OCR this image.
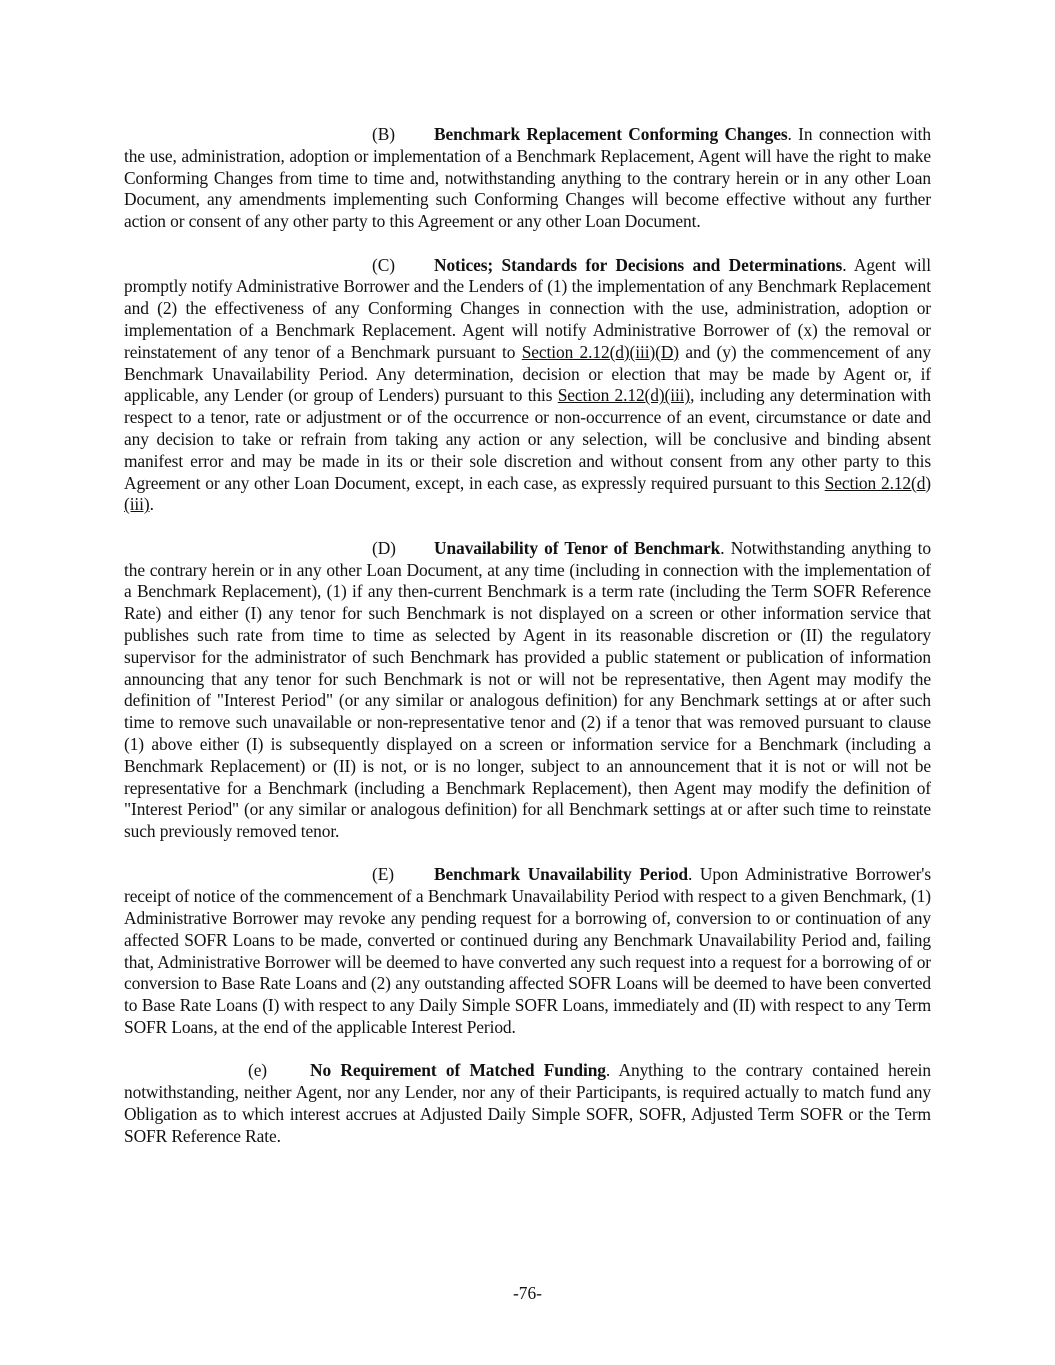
(B) Benchmark Replacement Conforming Changes. In connection with the use, administration, adoption or implementation of a Benchmark Replacement, Agent will have the right to make Conforming Changes from time to time and, notwithstanding anything to the contrary herein or in any other Loan Document, any amendments implementing such Conforming Changes will become effective without any further action or consent of any other party to this Agreement or any other Loan Document.

(C) Notices; Standards for Decisions and Determinations. Agent will promptly notify Administrative Borrower and the Lenders of (1) the implementation of any Benchmark Replacement and (2) the effectiveness of any Conforming Changes in connection with the use, administration, adoption or implementation of a Benchmark Replacement. Agent will notify Administrative Borrower of (x) the removal or reinstatement of any tenor of a Benchmark pursuant to Section 2.12(d)(iii)(D) and (y) the commencement of any Benchmark Unavailability Period. Any determination, decision or election that may be made by Agent or, if applicable, any Lender (or group of Lenders) pursuant to this Section 2.12(d)(iii), including any determination with respect to a tenor, rate or adjustment or of the occurrence or non-occurrence of an event, circumstance or date and any decision to take or refrain from taking any action or any selection, will be conclusive and binding absent manifest error and may be made in its or their sole discretion and without consent from any other party to this Agreement or any other Loan Document, except, in each case, as expressly required pursuant to this Section 2.12(d)(iii).

(D) Unavailability of Tenor of Benchmark. Notwithstanding anything to the contrary herein or in any other Loan Document, at any time (including in connection with the implementation of a Benchmark Replacement), (1) if any then-current Benchmark is a term rate (including the Term SOFR Reference Rate) and either (I) any tenor for such Benchmark is not displayed on a screen or other information service that publishes such rate from time to time as selected by Agent in its reasonable discretion or (II) the regulatory supervisor for the administrator of such Benchmark has provided a public statement or publication of information announcing that any tenor for such Benchmark is not or will not be representative, then Agent may modify the definition of "Interest Period" (or any similar or analogous definition) for any Benchmark settings at or after such time to remove such unavailable or non-representative tenor and (2) if a tenor that was removed pursuant to clause (1) above either (I) is subsequently displayed on a screen or information service for a Benchmark (including a Benchmark Replacement) or (II) is not, or is no longer, subject to an announcement that it is not or will not be representative for a Benchmark (including a Benchmark Replacement), then Agent may modify the definition of "Interest Period" (or any similar or analogous definition) for all Benchmark settings at or after such time to reinstate such previously removed tenor.

(E) Benchmark Unavailability Period. Upon Administrative Borrower's receipt of notice of the commencement of a Benchmark Unavailability Period with respect to a given Benchmark, (1) Administrative Borrower may revoke any pending request for a borrowing of, conversion to or continuation of any affected SOFR Loans to be made, converted or continued during any Benchmark Unavailability Period and, failing that, Administrative Borrower will be deemed to have converted any such request into a request for a borrowing of or conversion to Base Rate Loans and (2) any outstanding affected SOFR Loans will be deemed to have been converted to Base Rate Loans (I) with respect to any Daily Simple SOFR Loans, immediately and (II) with respect to any Term SOFR Loans, at the end of the applicable Interest Period.

(e) No Requirement of Matched Funding. Anything to the contrary contained herein notwithstanding, neither Agent, nor any Lender, nor any of their Participants, is required actually to match fund any Obligation as to which interest accrues at Adjusted Daily Simple SOFR, SOFR, Adjusted Term SOFR or the Term SOFR Reference Rate.

-76-
